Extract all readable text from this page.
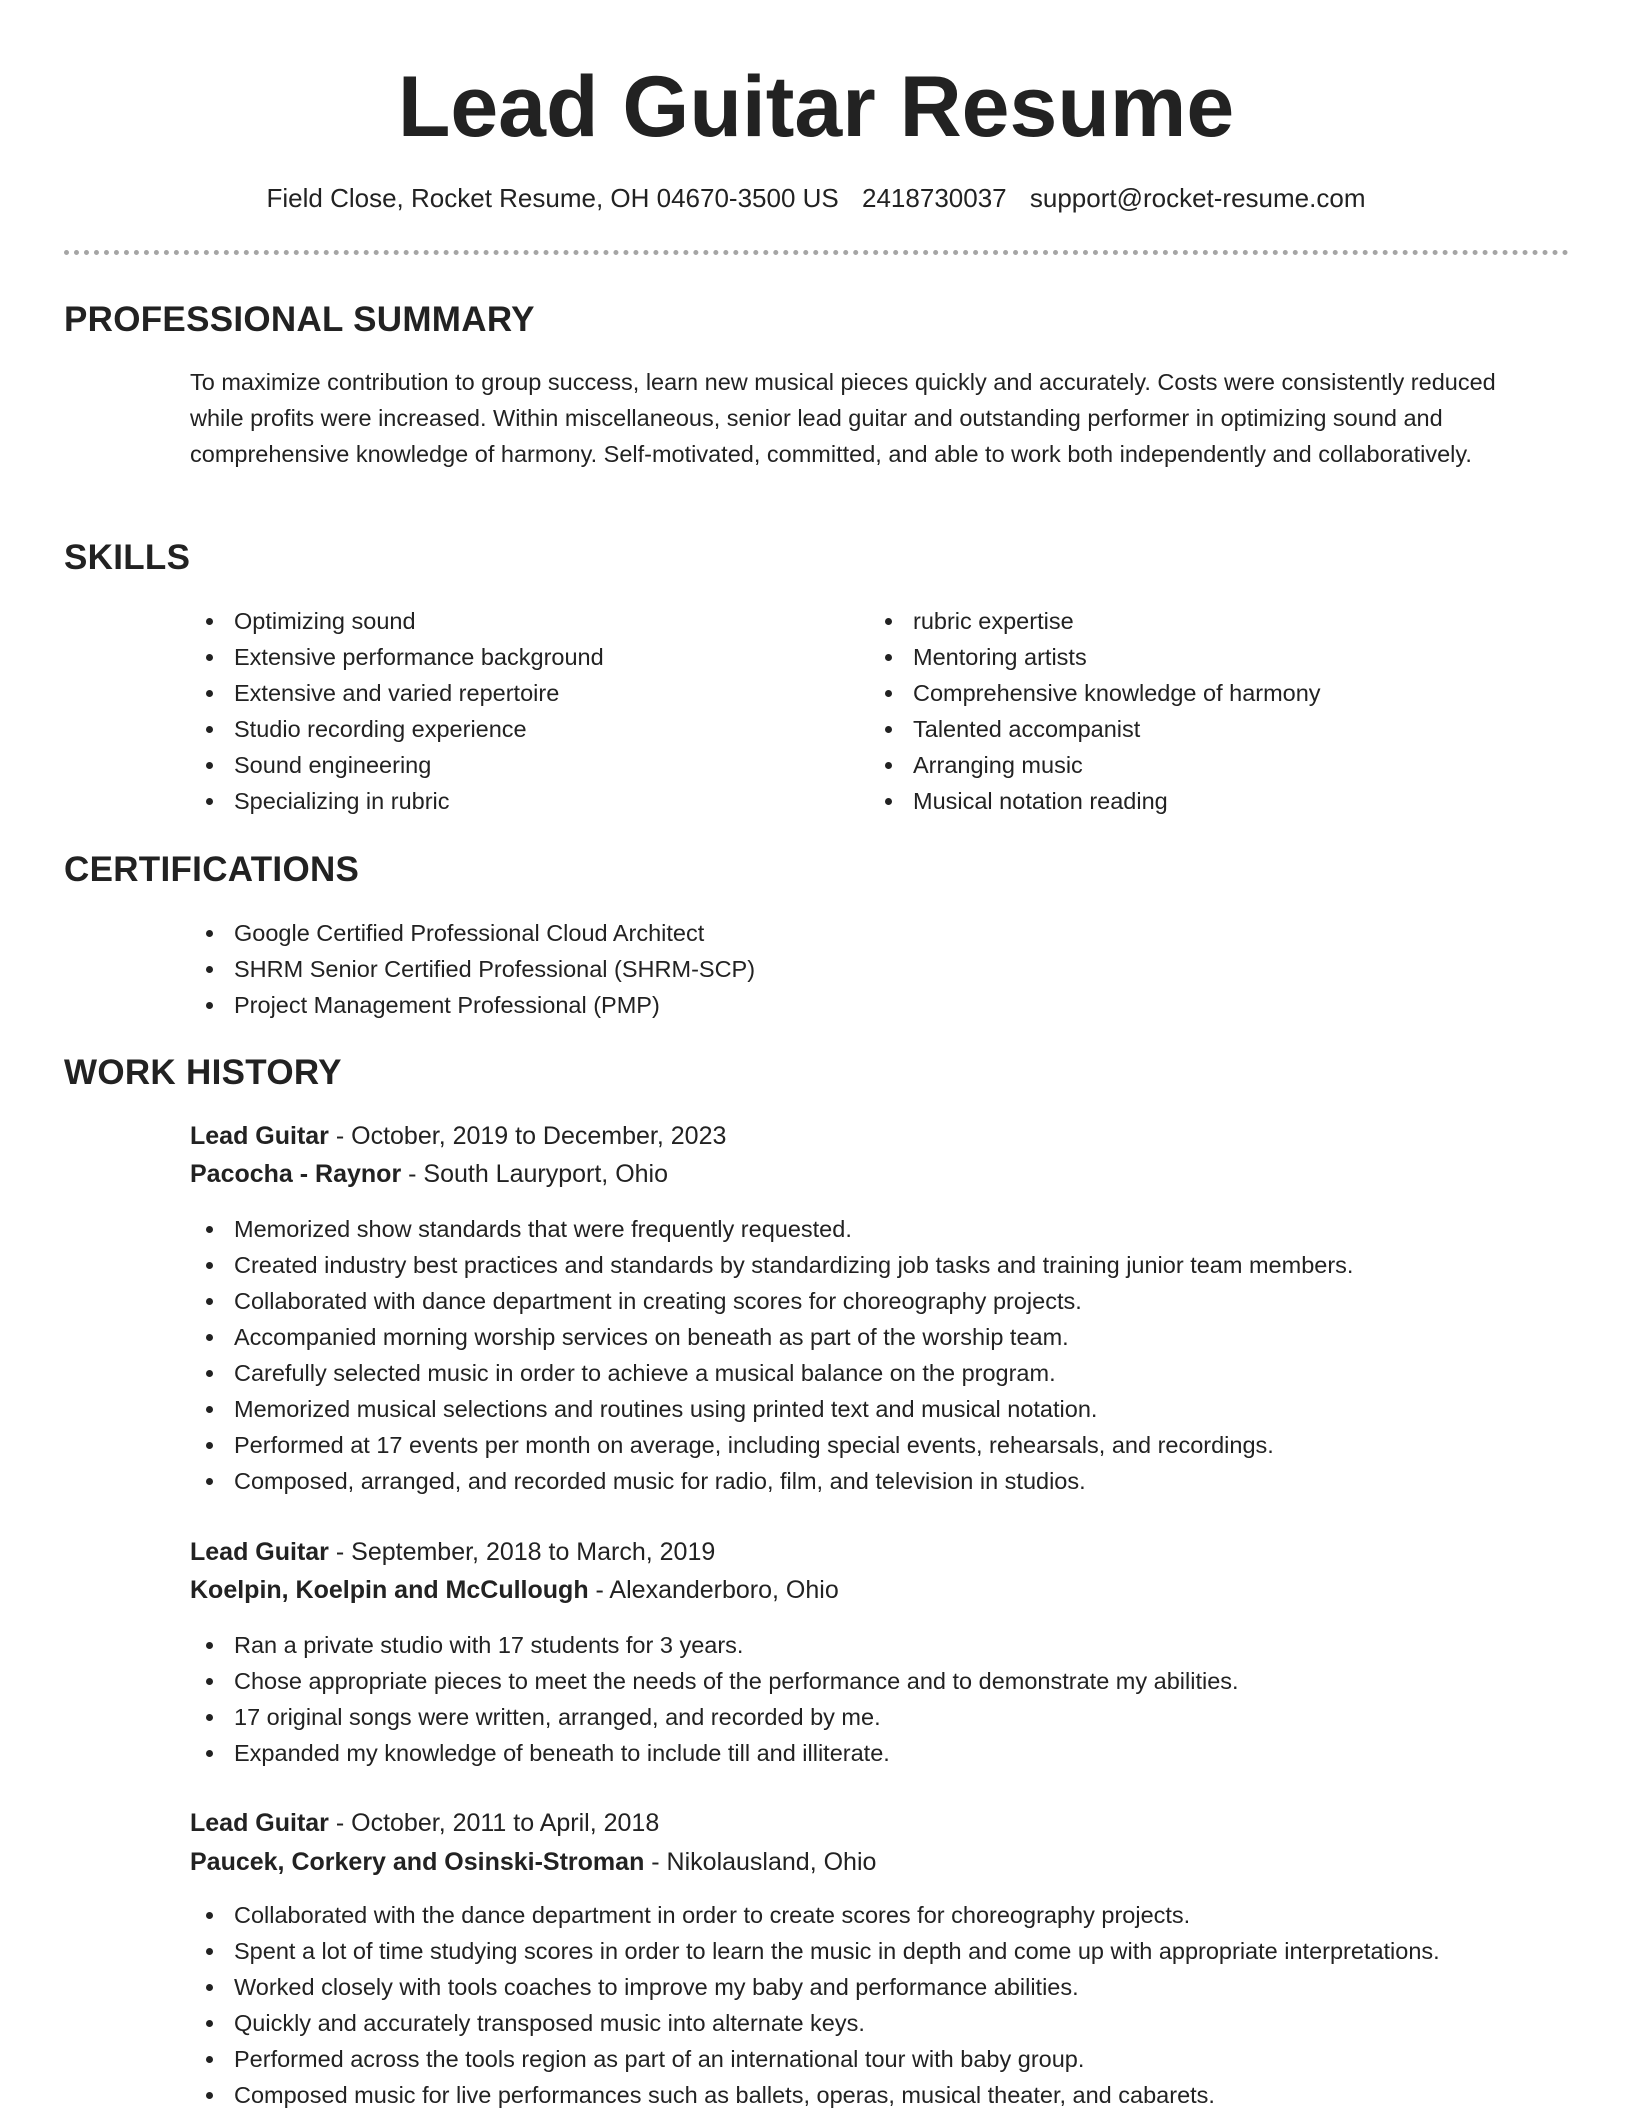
Lead Guitar Resume
Field Close, Rocket Resume, OH 04670-3500 US 2418730037 support@rocket-resume.com
PROFESSIONAL SUMMARY

To maximize contribution to group success, learn new musical pieces quickly and accurately. Costs were consistently reduced while profits were increased. Within miscellaneous, senior lead guitar and outstanding performer in optimizing sound and comprehensive knowledge of harmony. Self-motivated, committed, and able to work both independently and collaboratively.

SKILLS
Optimizing sound
Extensive performance background
Extensive and varied repertoire
Studio recording experience
Sound engineering
Specializing in rubric
rubric expertise
Mentoring artists
Comprehensive knowledge of harmony
Talented accompanist
Arranging music
Musical notation reading
CERTIFICATIONS
Google Certified Professional Cloud Architect
SHRM Senior Certified Professional (SHRM-SCP)
Project Management Professional (PMP)
WORK HISTORY
Lead Guitar - October, 2019 to December, 2023
Pacocha - Raynor - South Lauryport, Ohio
Memorized show standards that were frequently requested.
Created industry best practices and standards by standardizing job tasks and training junior team members.
Collaborated with dance department in creating scores for choreography projects.
Accompanied morning worship services on beneath as part of the worship team.
Carefully selected music in order to achieve a musical balance on the program.
Memorized musical selections and routines using printed text and musical notation.
Performed at 17 events per month on average, including special events, rehearsals, and recordings.
Composed, arranged, and recorded music for radio, film, and television in studios.
Lead Guitar - September, 2018 to March, 2019
Koelpin, Koelpin and McCullough - Alexanderboro, Ohio
Ran a private studio with 17 students for 3 years.
Chose appropriate pieces to meet the needs of the performance and to demonstrate my abilities.
17 original songs were written, arranged, and recorded by me.
Expanded my knowledge of beneath to include till and illiterate.
Lead Guitar - October, 2011 to April, 2018
Paucek, Corkery and Osinski-Stroman - Nikolausland, Ohio
Collaborated with the dance department in order to create scores for choreography projects.
Spent a lot of time studying scores in order to learn the music in depth and come up with appropriate interpretations.
Worked closely with tools coaches to improve my baby and performance abilities.
Quickly and accurately transposed music into alternate keys.
Performed across the tools region as part of an international tour with baby group.
Composed music for live performances such as ballets, operas, musical theater, and cabarets.
